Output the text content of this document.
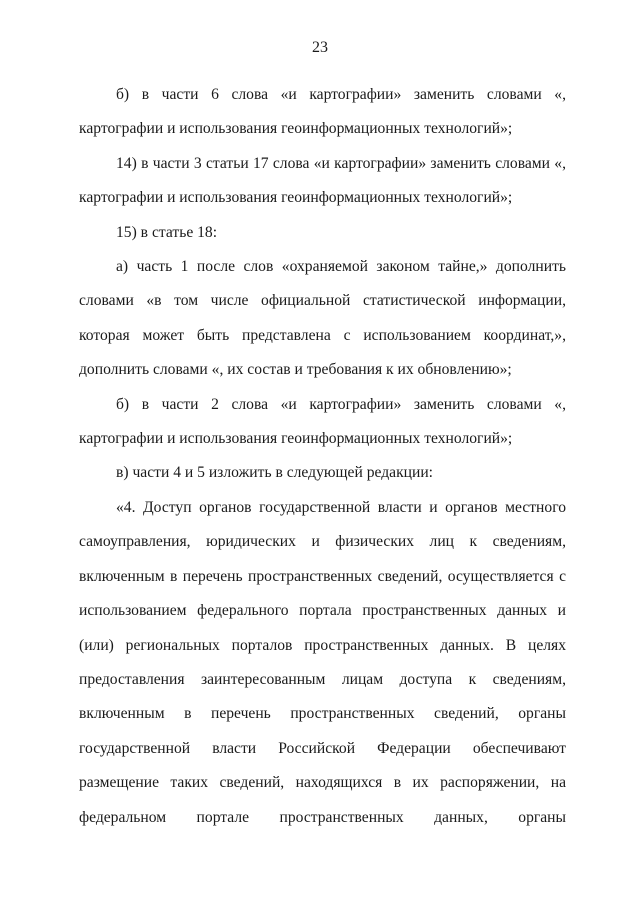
23

б) в части 6 слова «и картографии» заменить словами «, картографии и использования геоинформационных технологий»;

14) в части 3 статьи 17 слова «и картографии» заменить словами «, картографии и использования геоинформационных технологий»;

15) в статье 18:

а) часть 1 после слов «охраняемой законом тайне,» дополнить словами «в том числе официальной статистической информации, которая может быть представлена с использованием координат,», дополнить словами «, их состав и требования к их обновлению»;

б) в части 2 слова «и картографии» заменить словами «, картографии и использования геоинформационных технологий»;

в) части 4 и 5 изложить в следующей редакции:

«4. Доступ органов государственной власти и органов местного самоуправления, юридических и физических лиц к сведениям, включенным в перечень пространственных сведений, осуществляется с использованием федерального портала пространственных данных и (или) региональных порталов пространственных данных. В целях предоставления заинтересованным лицам доступа к сведениям, включенным в перечень пространственных сведений, органы государственной власти Российской Федерации обеспечивают размещение таких сведений, находящихся в их распоряжении, на федеральном портале пространственных данных, органы
